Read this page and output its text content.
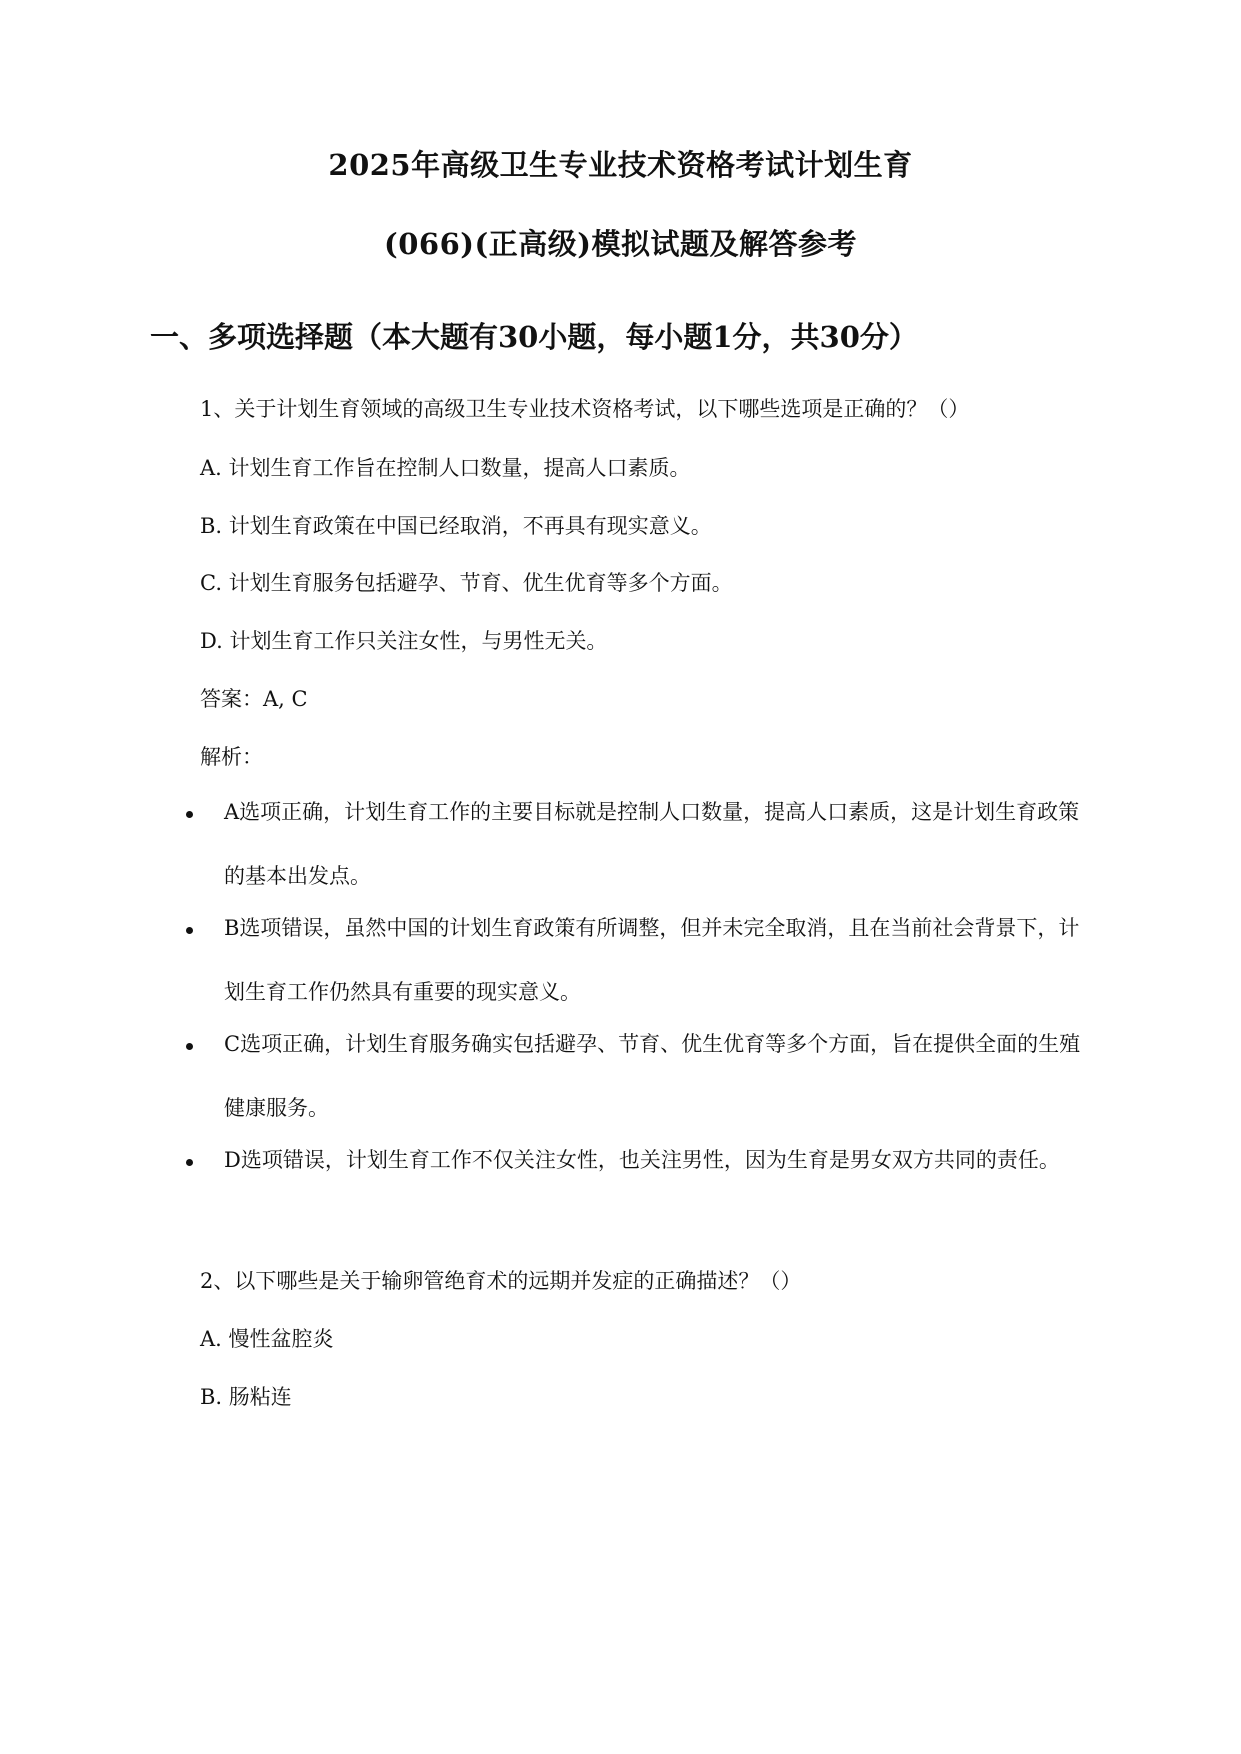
2025年高级卫生专业技术资格考试计划生育
(066)(正高级)模拟试题及解答参考
一、多项选择题（本大题有30小题，每小题1分，共30分）
1、关于计划生育领域的高级卫生专业技术资格考试，以下哪些选项是正确的？（）
A. 计划生育工作旨在控制人口数量，提高人口素质。
B. 计划生育政策在中国已经取消，不再具有现实意义。
C. 计划生育服务包括避孕、节育、优生优育等多个方面。
D. 计划生育工作只关注女性，与男性无关。
答案：A, C
解析：
A选项正确，计划生育工作的主要目标就是控制人口数量，提高人口素质，这是计划生育政策的基本出发点。
B选项错误，虽然中国的计划生育政策有所调整，但并未完全取消，且在当前社会背景下，计划生育工作仍然具有重要的现实意义。
C选项正确，计划生育服务确实包括避孕、节育、优生优育等多个方面，旨在提供全面的生殖健康服务。
D选项错误，计划生育工作不仅关注女性，也关注男性，因为生育是男女双方共同的责任。
2、以下哪些是关于输卵管绝育术的远期并发症的正确描述？（）
A. 慢性盆腔炎
B. 肠粘连
